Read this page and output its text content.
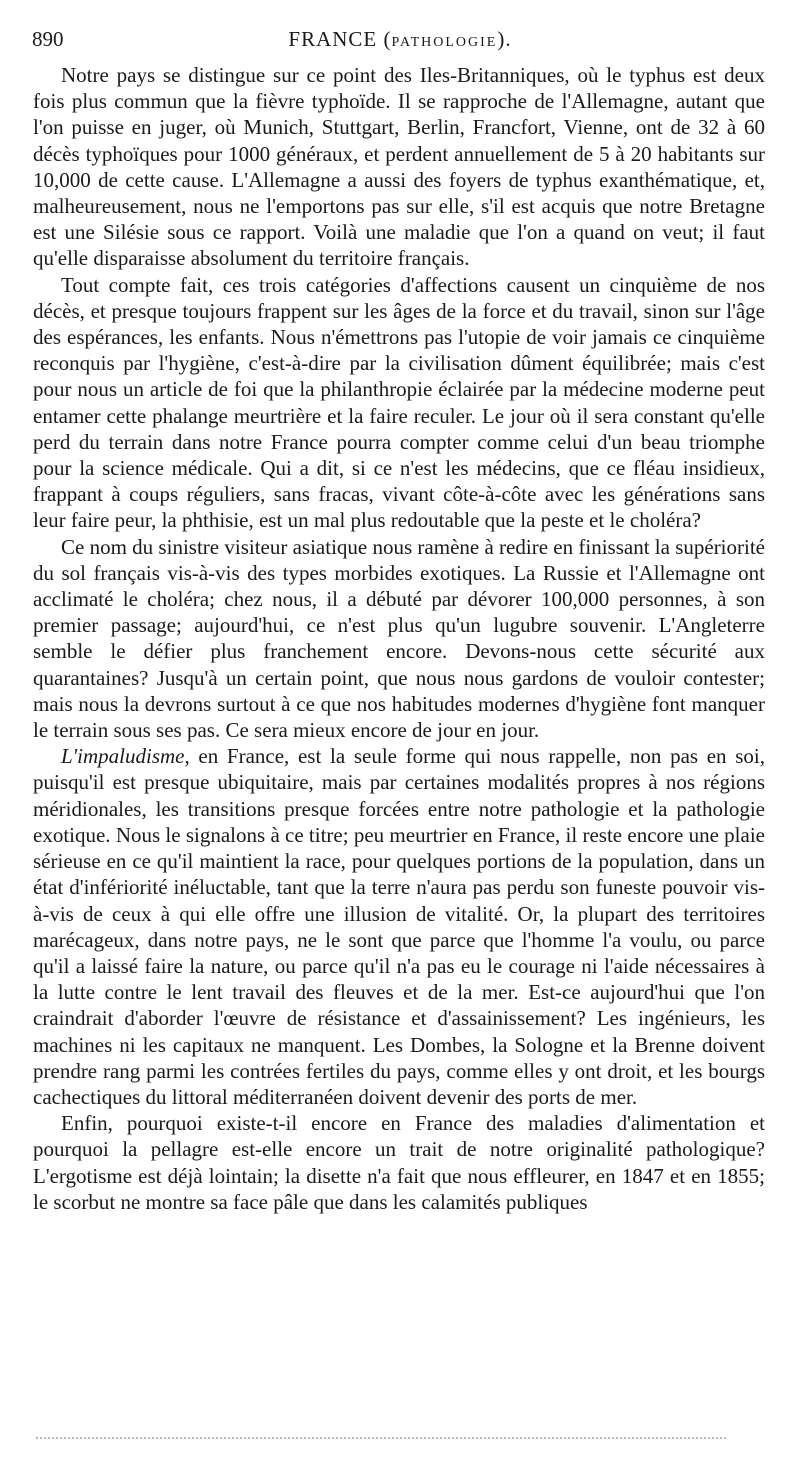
890	FRANCE (PATHOLOGIE).

Notre pays se distingue sur ce point des Iles-Britanniques, où le typhus est deux fois plus commun que la fièvre typhoïde. Il se rapproche de l'Allemagne, autant que l'on puisse en juger, où Munich, Stuttgart, Berlin, Francfort, Vienne, ont de 32 à 60 décès typhoïques pour 1000 généraux, et perdent annuellement de 5 à 20 habitants sur 10,000 de cette cause. L'Allemagne a aussi des foyers de typhus exanthématique, et, malheureusement, nous ne l'emportons pas sur elle, s'il est acquis que notre Bretagne est une Silésie sous ce rapport. Voilà une maladie que l'on a quand on veut; il faut qu'elle disparaisse absolument du territoire français.

Tout compte fait, ces trois catégories d'affections causent un cinquième de nos décès, et presque toujours frappent sur les âges de la force et du travail, sinon sur l'âge des espérances, les enfants. Nous n'émettrons pas l'utopie de voir jamais ce cinquième reconquis par l'hygiène, c'est-à-dire par la civilisation dûment équilibrée; mais c'est pour nous un article de foi que la philanthropie éclairée par la médecine moderne peut entamer cette phalange meurtrière et la faire reculer. Le jour où il sera constant qu'elle perd du terrain dans notre France pourra compter comme celui d'un beau triomphe pour la science médicale. Qui a dit, si ce n'est les médecins, que ce fléau insidieux, frappant à coups réguliers, sans fracas, vivant côte-à-côte avec les générations sans leur faire peur, la phthisie, est un mal plus redoutable que la peste et le choléra?

Ce nom du sinistre visiteur asiatique nous ramène à redire en finissant la supériorité du sol français vis-à-vis des types morbides exotiques. La Russie et l'Allemagne ont acclimaté le choléra; chez nous, il a débuté par dévorer 100,000 personnes, à son premier passage; aujourd'hui, ce n'est plus qu'un lugubre souvenir. L'Angleterre semble le défier plus franchement encore. Devons-nous cette sécurité aux quarantaines? Jusqu'à un certain point, que nous nous gardons de vouloir contester; mais nous la devrons surtout à ce que nos habitudes modernes d'hygiène font manquer le terrain sous ses pas. Ce sera mieux encore de jour en jour.

L'impaludisme, en France, est la seule forme qui nous rappelle, non pas en soi, puisqu'il est presque ubiquitaire, mais par certaines modalités propres à nos régions méridionales, les transitions presque forcées entre notre pathologie et la pathologie exotique. Nous le signalons à ce titre; peu meurtrier en France, il reste encore une plaie sérieuse en ce qu'il maintient la race, pour quelques portions de la population, dans un état d'infériorité inéluctable, tant que la terre n'aura pas perdu son funeste pouvoir vis-à-vis de ceux à qui elle offre une illusion de vitalité. Or, la plupart des territoires marécageux, dans notre pays, ne le sont que parce que l'homme l'a voulu, ou parce qu'il a laissé faire la nature, ou parce qu'il n'a pas eu le courage ni l'aide nécessaires à la lutte contre le lent travail des fleuves et de la mer. Est-ce aujourd'hui que l'on craindrait d'aborder l'œuvre de résistance et d'assainissement? Les ingénieurs, les machines ni les capitaux ne manquent. Les Dombes, la Sologne et la Brenne doivent prendre rang parmi les contrées fertiles du pays, comme elles y ont droit, et les bourgs cachectiques du littoral méditerranéen doivent devenir des ports de mer.

Enfin, pourquoi existe-t-il encore en France des maladies d'alimentation et pourquoi la pellagre est-elle encore un trait de notre originalité pathologique? L'ergotisme est déjà lointain; la disette n'a fait que nous effleurer, en 1847 et en 1855; le scorbut ne montre sa face pâle que dans les calamités publiques
